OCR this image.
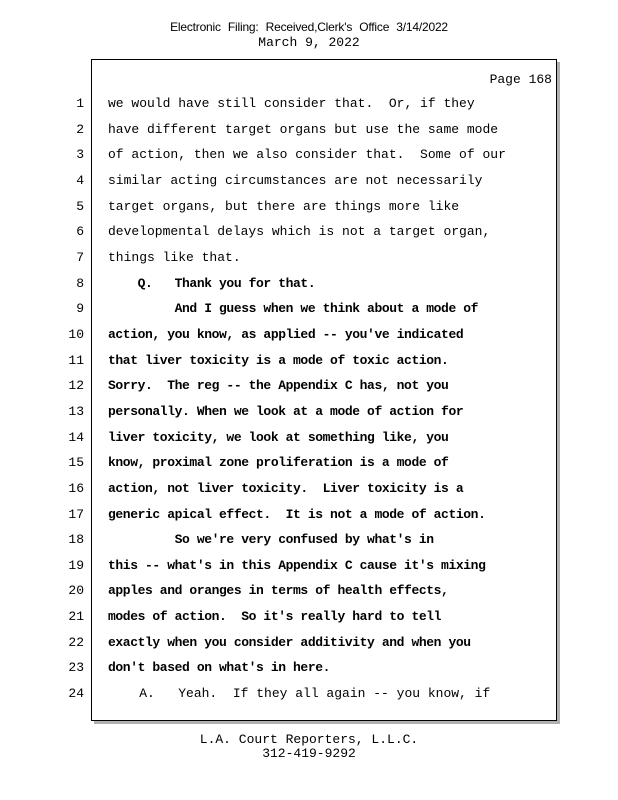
Electronic Filing: Received,Clerk's Office 3/14/2022
March 9, 2022
Page 168
1
2
3
4
5
6
7
8
9
10
11
12
13
14
15
16
17
18
19
20
21
22
23
24
we would have still consider that.  Or, if they
have different target organs but use the same mode
of action, then we also consider that.  Some of our
similar acting circumstances are not necessarily
target organs, but there are things more like
developmental delays which is not a target organ,
things like that.
Q.   Thank you for that.
And I guess when we think about a mode of
action, you know, as applied -- you've indicated
that liver toxicity is a mode of toxic action.
Sorry.  The reg -- the Appendix C has, not you
personally. When we look at a mode of action for
liver toxicity, we look at something like, you
know, proximal zone proliferation is a mode of
action, not liver toxicity.  Liver toxicity is a
generic apical effect.  It is not a mode of action.
So we're very confused by what's in
this -- what's in this Appendix C cause it's mixing
apples and oranges in terms of health effects,
modes of action.  So it's really hard to tell
exactly when you consider additivity and when you
don't based on what's in here.
A.   Yeah.  If they all again -- you know, if
L.A. Court Reporters, L.L.C.
312-419-9292
